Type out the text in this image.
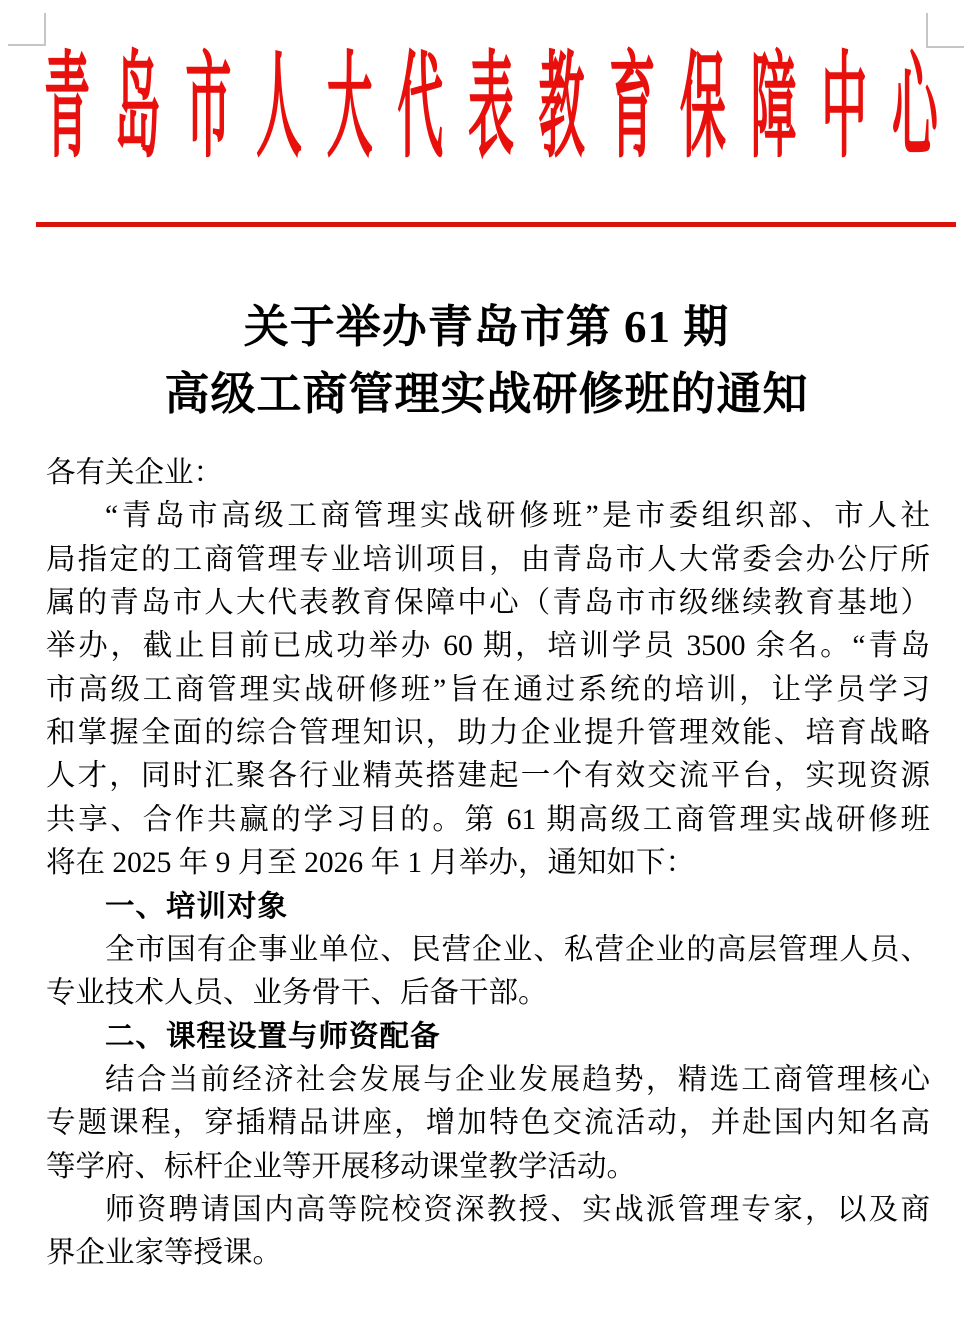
青 岛 市 人 大 代 表 教 育 保 障 中 心
关于举办青岛市第 61 期
高级工商管理实战研修班的通知
各有关企业：
“青岛市高级工商管理实战研修班”是市委组织部、市人社
局指定的工商管理专业培训项目，由青岛市人大常委会办公厅所
属的青岛市人大代表教育保障中心（青岛市市级继续教育基地）
举办，截止目前已成功举办 60 期，培训学员 3500 余名。“青岛
市高级工商管理实战研修班”旨在通过系统的培训，让学员学习
和掌握全面的综合管理知识，助力企业提升管理效能、培育战略
人才，同时汇聚各行业精英搭建起一个有效交流平台，实现资源
共享、合作共赢的学习目的。第 61 期高级工商管理实战研修班
将在 2025 年 9 月至 2026 年 1 月举办，通知如下：
一、培训对象
全市国有企事业单位、民营企业、私营企业的高层管理人员、
专业技术人员、业务骨干、后备干部。
二、课程设置与师资配备
结合当前经济社会发展与企业发展趋势，精选工商管理核心
专题课程，穿插精品讲座，增加特色交流活动，并赴国内知名高
等学府、标杆企业等开展移动课堂教学活动。
师资聘请国内高等院校资深教授、实战派管理专家，以及商
界企业家等授课。
